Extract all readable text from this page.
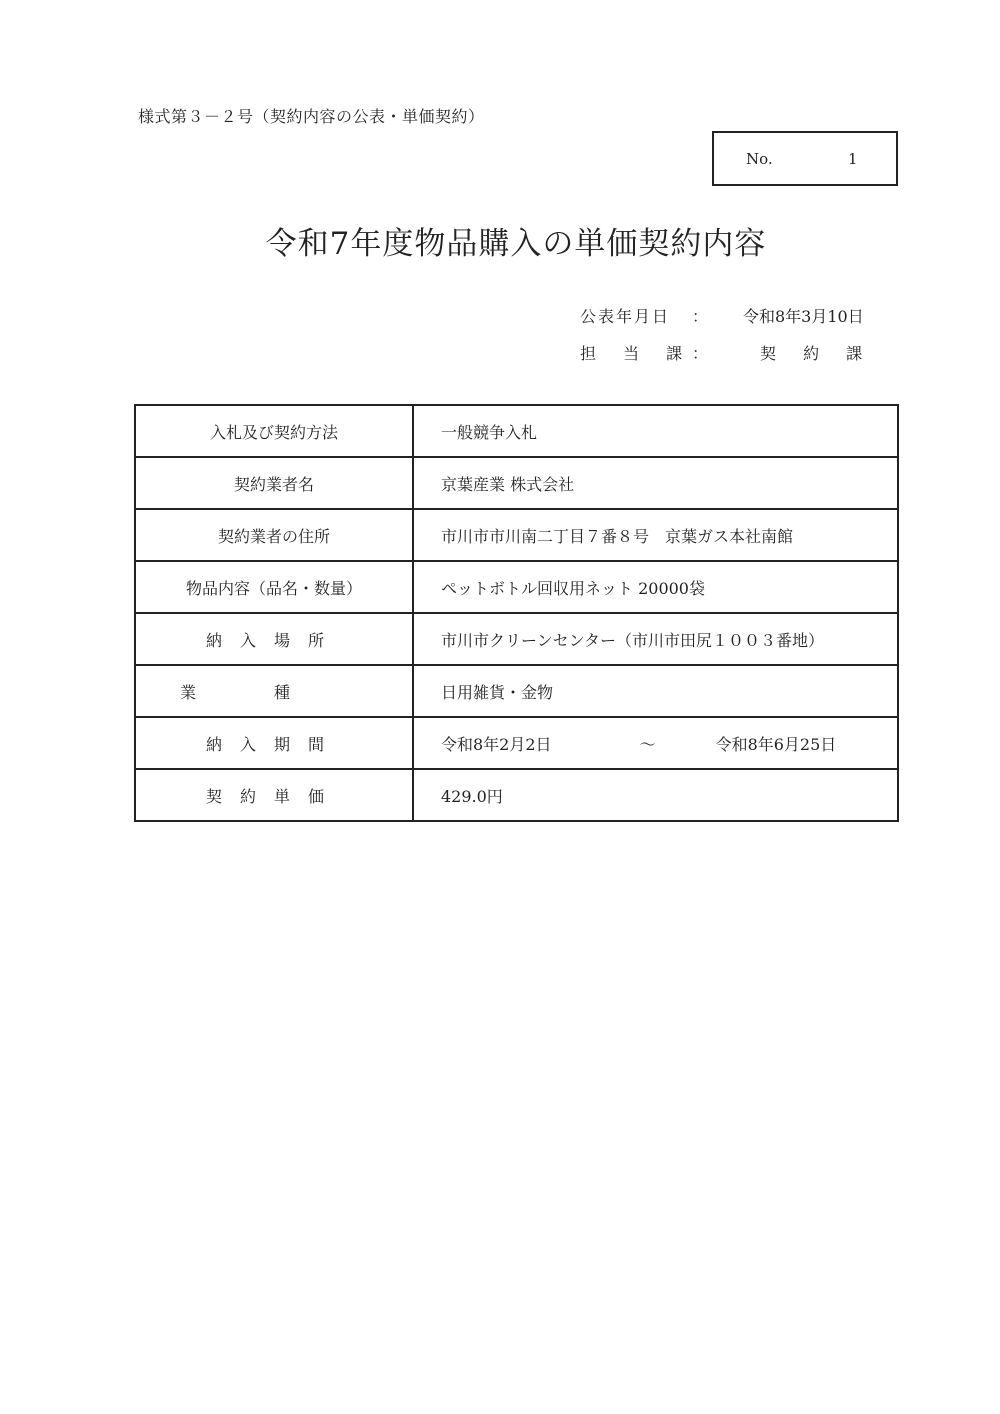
様式第３－２号（契約内容の公表・単価契約）
No.	1
令和7年度物品購入の単価契約内容
公表年月日 ： 令和8年3月10日
担 当 課 ：	契 約 課
入札及び契約方法	一般競争入札
契約業者名	京葉産業 株式会社
契約業者の住所	市川市市川南二丁目７番８号　京葉ガス本社南館
物品内容（品名・数量）	ペットボトル回収用ネット 20000袋
納入場所	市川市クリーンセンター（市川市田尻１００３番地）
業種	日用雑貨・金物
納入期間	令和8年2月2日 ～ 令和8年6月25日
契約単価	429.0円
